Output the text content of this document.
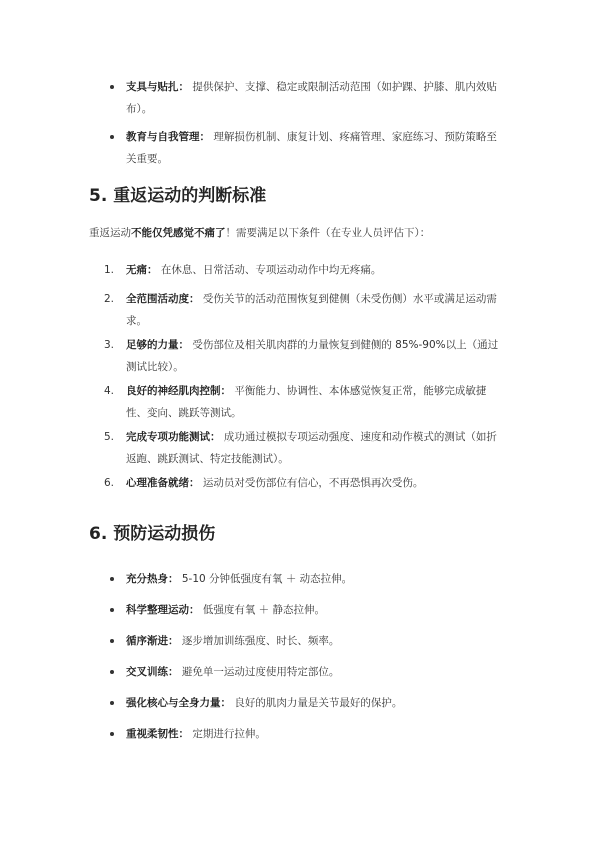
支具与贴扎： 提供保护、支撑、稳定或限制活动范围（如护踝、护膝、肌内效贴布）。
教育与自我管理： 理解损伤机制、康复计划、疼痛管理、家庭练习、预防策略至关重要。
5. 重返运动的判断标准

重返运动不能仅凭感觉不痛了！需要满足以下条件（在专业人员评估下）：

1.	无痛： 在休息、日常活动、专项运动动作中均无疼痛。
2.	全范围活动度： 受伤关节的活动范围恢复到健侧（未受伤侧）水平或满足运动需求。
3.	足够的力量： 受伤部位及相关肌肉群的力量恢复到健侧的 85%-90%以上（通过测试比较）。
4.	良好的神经肌肉控制： 平衡能力、协调性、本体感觉恢复正常，能够完成敏捷性、变向、跳跃等测试。
5.	完成专项功能测试： 成功通过模拟专项运动强度、速度和动作模式的测试（如折返跑、跳跃测试、特定技能测试）。
6.	心理准备就绪： 运动员对受伤部位有信心，不再恐惧再次受伤。
6. 预防运动损伤
充分热身： 5-10 分钟低强度有氧 ＋ 动态拉伸。
科学整理运动： 低强度有氧 ＋ 静态拉伸。
循序渐进： 逐步增加训练强度、时长、频率。
交叉训练： 避免单一运动过度使用特定部位。
强化核心与全身力量： 良好的肌肉力量是关节最好的保护。
重视柔韧性： 定期进行拉伸。
